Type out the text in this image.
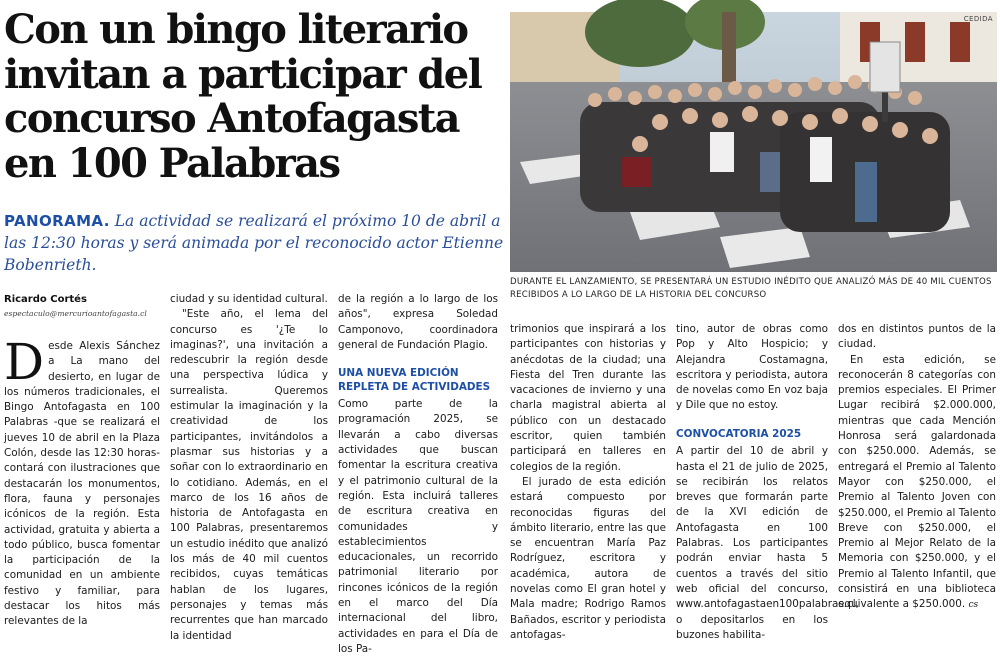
Con un bingo literario
invitan a participar del
concurso Antofagasta
en 100 Palabras

PANORAMA. La actividad se realizará el próximo 10 de abril a las 12:30 horas y será animada por el reconocido actor Etienne Bobenrieth.

CEDIDA

DURANTE EL LANZAMIENTO, SE PRESENTARÁ UN ESTUDIO INÉDITO QUE ANALIZÓ MÁS DE 40 MIL CUENTOS RECIBIDOS A LO LARGO DE LA HISTORIA DEL CONCURSO

Ricardo Cortés
espectaculo@mercurioantofagasta.cl

Desde Alexis Sánchez a La mano del desierto, en lugar de los números tradicionales, el Bingo Antofagasta en 100 Palabras -que se realizará el jueves 10 de abril en la Plaza Colón, desde las 12:30 horas- contará con ilustraciones que destacarán los monumentos, flora, fauna y personajes icónicos de la región. Esta actividad, gratuita y abierta a todo público, busca fomentar la participación de la comunidad en un ambiente festivo y familiar, para destacar los hitos más relevantes de la

ciudad y su identidad cultural.

"Este año, el lema del concurso es '¿Te lo imaginas?', una invitación a redescubrir la región desde una perspectiva lúdica y surrealista. Queremos estimular la imaginación y la creatividad de los participantes, invitándolos a plasmar sus historias y a soñar con lo extraordinario en lo cotidiano. Además, en el marco de los 16 años de historia de Antofagasta en 100 Palabras, presentaremos un estudio inédito que analizó los más de 40 mil cuentos recibidos, cuyas temáticas hablan de los lugares, personajes y temas más recurrentes que han marcado la identidad

de la región a lo largo de los años", expresa Soledad Camponovo, coordinadora general de Fundación Plagio.

UNA NUEVA EDICIÓN REPLETA DE ACTIVIDADES

Como parte de la programación 2025, se llevarán a cabo diversas actividades que buscan fomentar la escritura creativa y el patrimonio cultural de la región. Esta incluirá talleres de escritura creativa en comunidades y establecimientos educacionales, un recorrido patrimonial literario por rincones icónicos de la región en el marco del Día internacional del libro, actividades en para el Día de los Pa-

trimonios que inspirará a los participantes con historias y anécdotas de la ciudad; una Fiesta del Tren durante las vacaciones de invierno y una charla magistral abierta al público con un destacado escritor, quien también participará en talleres en colegios de la región.

El jurado de esta edición estará compuesto por reconocidas figuras del ámbito literario, entre las que se encuentran María Paz Rodríguez, escritora y académica, autora de novelas como El gran hotel y Mala madre; Rodrigo Ramos Bañados, escritor y periodista antofagas-

tino, autor de obras como Pop y Alto Hospicio; y Alejandra Costamagna, escritora y periodista, autora de novelas como En voz baja y Dile que no estoy.

CONVOCATORIA 2025

A partir del 10 de abril y hasta el 21 de julio de 2025, se recibirán los relatos breves que formarán parte de la XVI edición de Antofagasta en 100 Palabras. Los participantes podrán enviar hasta 5 cuentos a través del sitio web oficial del concurso, www.antofagastaen100palabras.cl, o depositarlos en los buzones habilita-

dos en distintos puntos de la ciudad.

En esta edición, se reconocerán 8 categorías con premios especiales. El Primer Lugar recibirá $2.000.000, mientras que cada Mención Honrosa será galardonada con $250.000. Además, se entregará el Premio al Talento Mayor con $250.000, el Premio al Talento Joven con $250.000, el Premio al Talento Breve con $250.000, el Premio al Mejor Relato de la Memoria con $250.000, y el Premio al Talento Infantil, que consistirá en una biblioteca equivalente a $250.000. cs
